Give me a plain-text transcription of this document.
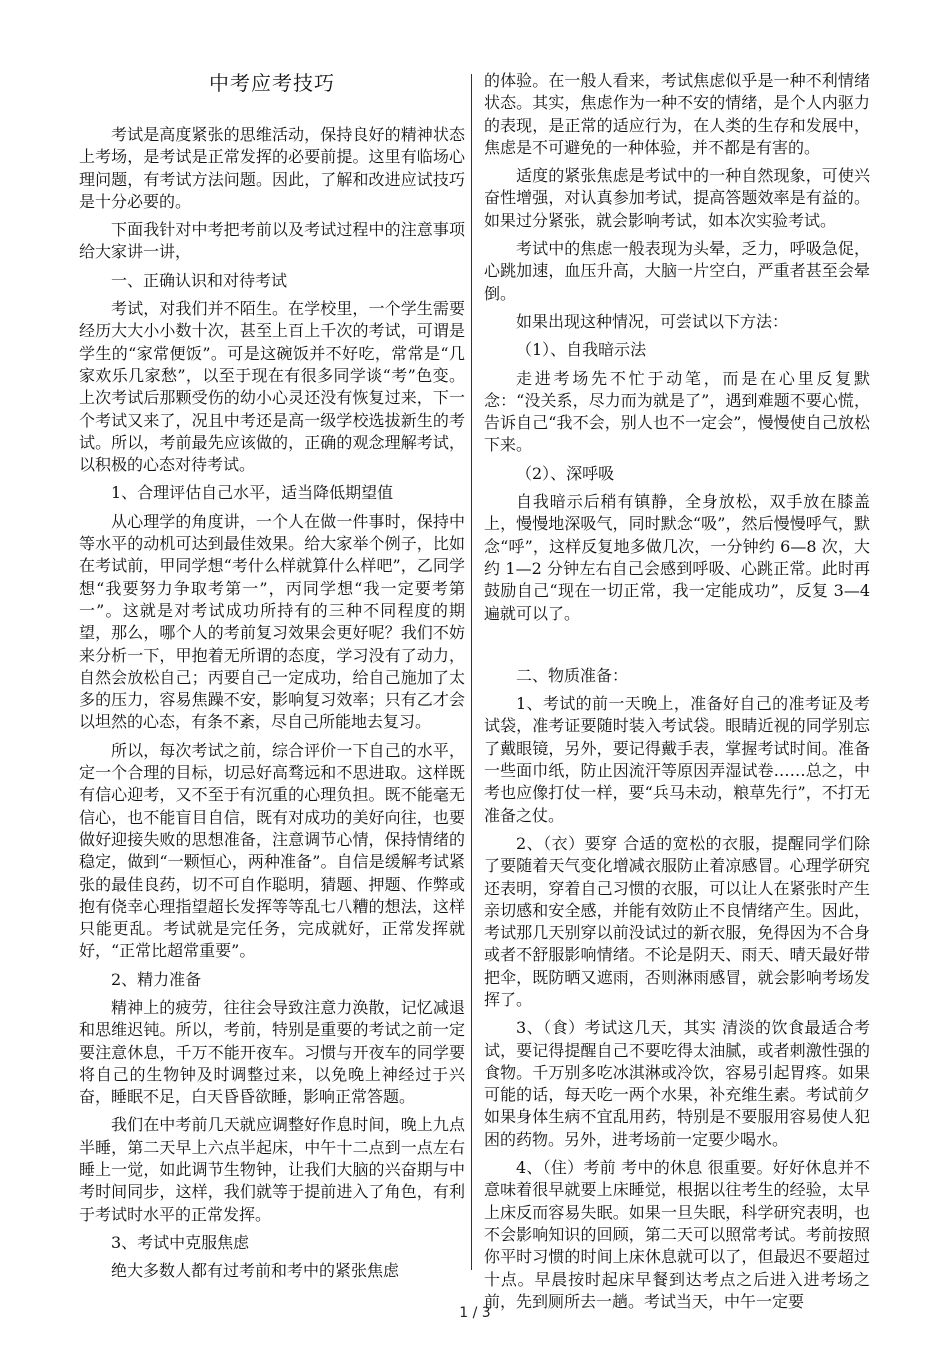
中考应考技巧

考试是高度紧张的思维活动，保持良好的精神状态上考场，是考试是正常发挥的必要前提。这里有临场心理问题，有考试方法问题。因此，了解和改进应试技巧是十分必要的。

下面我针对中考把考前以及考试过程中的注意事项给大家讲一讲，

一、正确认识和对待考试

考试，对我们并不陌生。在学校里，一个学生需要经历大大小小数十次，甚至上百上千次的考试，可谓是学生的“家常便饭”。可是这碗饭并不好吃，常常是“几家欢乐几家愁”，以至于现在有很多同学谈“考”色变。上次考试后那颗受伤的幼小心灵还没有恢复过来，下一个考试又来了，况且中考还是高一级学校选拔新生的考试。所以，考前最先应该做的，正确的观念理解考试，以积极的心态对待考试。

1、合理评估自己水平，适当降低期望值

从心理学的角度讲，一个人在做一件事时，保持中等水平的动机可达到最佳效果。给大家举个例子，比如在考试前，甲同学想“考什么样就算什么样吧”，乙同学想“我要努力争取考第一”，丙同学想“我一定要考第一”。这就是对考试成功所持有的三种不同程度的期望，那么，哪个人的考前复习效果会更好呢？我们不妨来分析一下，甲抱着无所谓的态度，学习没有了动力，自然会放松自己；丙要自己一定成功，给自己施加了太多的压力，容易焦躁不安，影响复习效率；只有乙才会以坦然的心态，有条不紊，尽自己所能地去复习。

所以，每次考试之前，综合评价一下自己的水平，定一个合理的目标，切忌好高骛远和不思进取。这样既有信心迎考，又不至于有沉重的心理负担。既不能毫无信心，也不能盲目自信，既有对成功的美好向往，也要做好迎接失败的思想准备，注意调节心情，保持情绪的稳定，做到“一颗恒心，两种准备”。自信是缓解考试紧张的最佳良药，切不可自作聪明，猜题、押题、作弊或抱有侥幸心理指望超长发挥等等乱七八糟的想法，这样只能更乱。考试就是完任务，完成就好，正常发挥就好，“正常比超常重要”。

2、精力准备

精神上的疲劳，往往会导致注意力涣散，记忆减退和思维迟钝。所以，考前，特别是重要的考试之前一定要注意休息，千万不能开夜车。习惯与开夜车的同学要将自己的生物钟及时调整过来，以免晚上神经过于兴奋，睡眠不足，白天昏昏欲睡，影响正常答题。

我们在中考前几天就应调整好作息时间，晚上九点半睡，第二天早上六点半起床，中午十二点到一点左右睡上一觉，如此调节生物钟，让我们大脑的兴奋期与中考时间同步，这样，我们就等于提前进入了角色，有利于考试时水平的正常发挥。

3、考试中克服焦虑

绝大多数人都有过考前和考中的紧张焦虑

的体验。在一般人看来，考试焦虑似乎是一种不利情绪状态。其实，焦虑作为一种不安的情绪，是个人内驱力的表现，是正常的适应行为，在人类的生存和发展中，焦虑是不可避免的一种体验，并不都是有害的。

适度的紧张焦虑是考试中的一种自然现象，可使兴奋性增强，对认真参加考试，提高答题效率是有益的。如果过分紧张，就会影响考试，如本次实验考试。

考试中的焦虑一般表现为头晕，乏力，呼吸急促，心跳加速，血压升高，大脑一片空白，严重者甚至会晕倒。

如果出现这种情况，可尝试以下方法：

（1）、自我暗示法

走进考场先不忙于动笔，而是在心里反复默念：“没关系，尽力而为就是了”，遇到难题不要心慌，告诉自己“我不会，别人也不一定会”，慢慢使自己放松下来。

（2）、深呼吸

自我暗示后稍有镇静，全身放松，双手放在膝盖上，慢慢地深吸气，同时默念“吸”，然后慢慢呼气，默念“呼”，这样反复地多做几次，一分钟约 6—8 次，大约 1—2 分钟左右自己会感到呼吸、心跳正常。此时再鼓励自己“现在一切正常，我一定能成功”，反复 3—4 遍就可以了。

二、物质准备：

1、考试的前一天晚上，准备好自己的准考证及考试袋，准考证要随时装入考试袋。眼睛近视的同学别忘了戴眼镜，另外，要记得戴手表，掌握考试时间。准备一些面巾纸，防止因流汗等原因弄湿试卷……总之，中考也应像打仗一样，要“兵马未动，粮草先行”，不打无准备之仗。

2、（衣）要穿 合适的宽松的衣服，提醒同学们除了要随着天气变化增减衣服防止着凉感冒。心理学研究还表明，穿着自己习惯的衣服，可以让人在紧张时产生亲切感和安全感，并能有效防止不良情绪产生。因此，考试那几天别穿以前没试过的新衣服，免得因为不合身或者不舒服影响情绪。不论是阴天、雨天、晴天最好带把伞，既防晒又遮雨，否则淋雨感冒，就会影响考场发挥了。

3、（食）考试这几天，其实 清淡的饮食最适合考试，要记得提醒自己不要吃得太油腻，或者刺激性强的食物。千万别多吃冰淇淋或冷饮，容易引起胃疼。如果可能的话，每天吃一两个水果，补充维生素。考试前夕如果身体生病不宜乱用药，特别是不要服用容易使人犯困的药物。另外，进考场前一定要少喝水。

4、（住）考前 考中的休息 很重要。好好休息并不意味着很早就要上床睡觉，根据以往考生的经验，太早上床反而容易失眠。如果一旦失眠，科学研究表明，也不会影响知识的回顾，第二天可以照常考试。考前按照你平时习惯的时间上床休息就可以了，但最迟不要超过十点。早晨按时起床早餐到达考点之后进入进考场之前，先到厕所去一趟。考试当天，中午一定要

1 / 3
